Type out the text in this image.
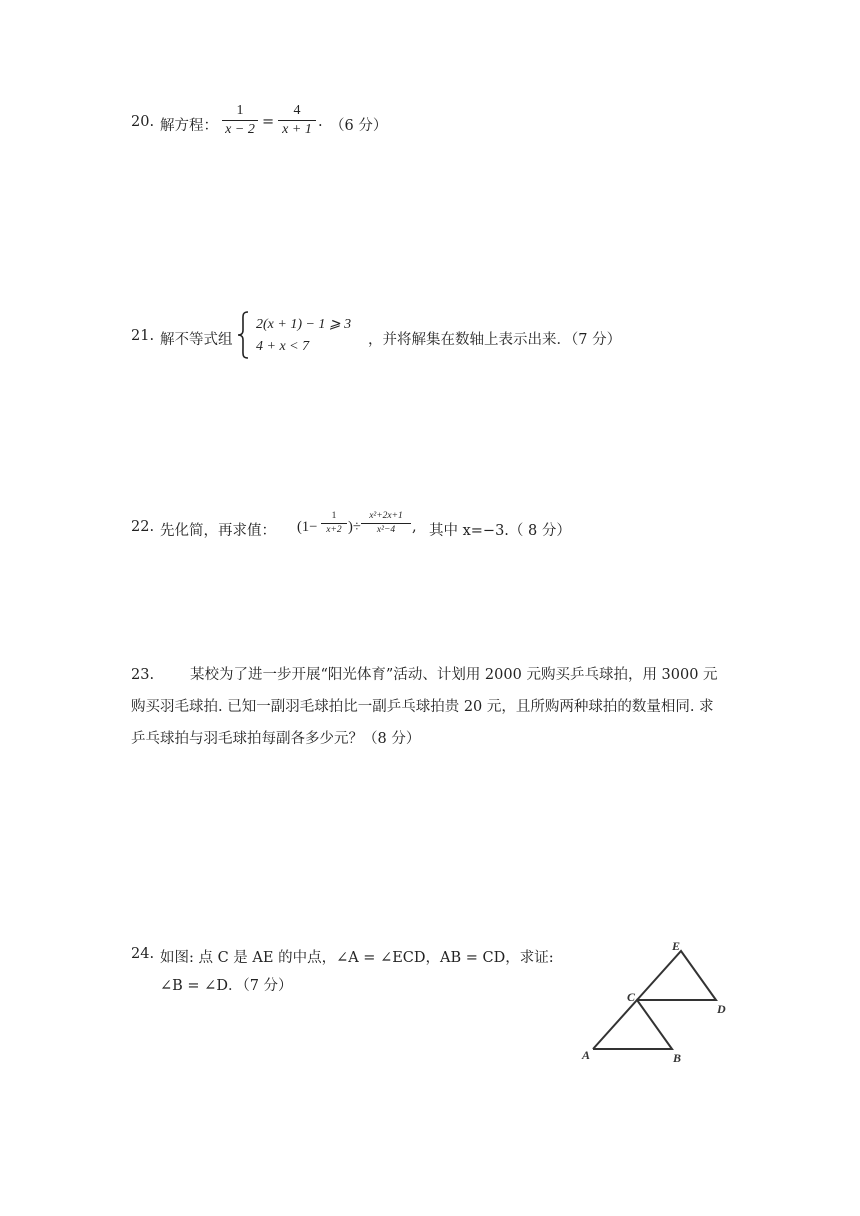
20. 解方程：
1
x − 2 =
4
x + 1 . （6 分）
21. 解不等式组
2(x + 1) − 1 ⩾ 3
4 + x < 7	，并将解集在数轴上表示出来．（7 分）
22. 先化简，再求值： (1−
1
x+2 )÷
x²+2x+1
x²−4 , 其中 x=−3.（ 8 分）
23. 某校为了进一步开展“阳光体育”活动、计划用 2000 元购买乒乓球拍，用 3000 元
购买羽毛球拍. 已知一副羽毛球拍比一副乒乓球拍贵 20 元，且所购两种球拍的数量相同. 求
乒乓球拍与羽毛球拍每副各多少元？（8 分）
24. 如图: 点 C 是 AE 的中点，∠A = ∠ECD，AB = CD，求证:
∠B = ∠D．（7 分）
E
C
D
A	B
